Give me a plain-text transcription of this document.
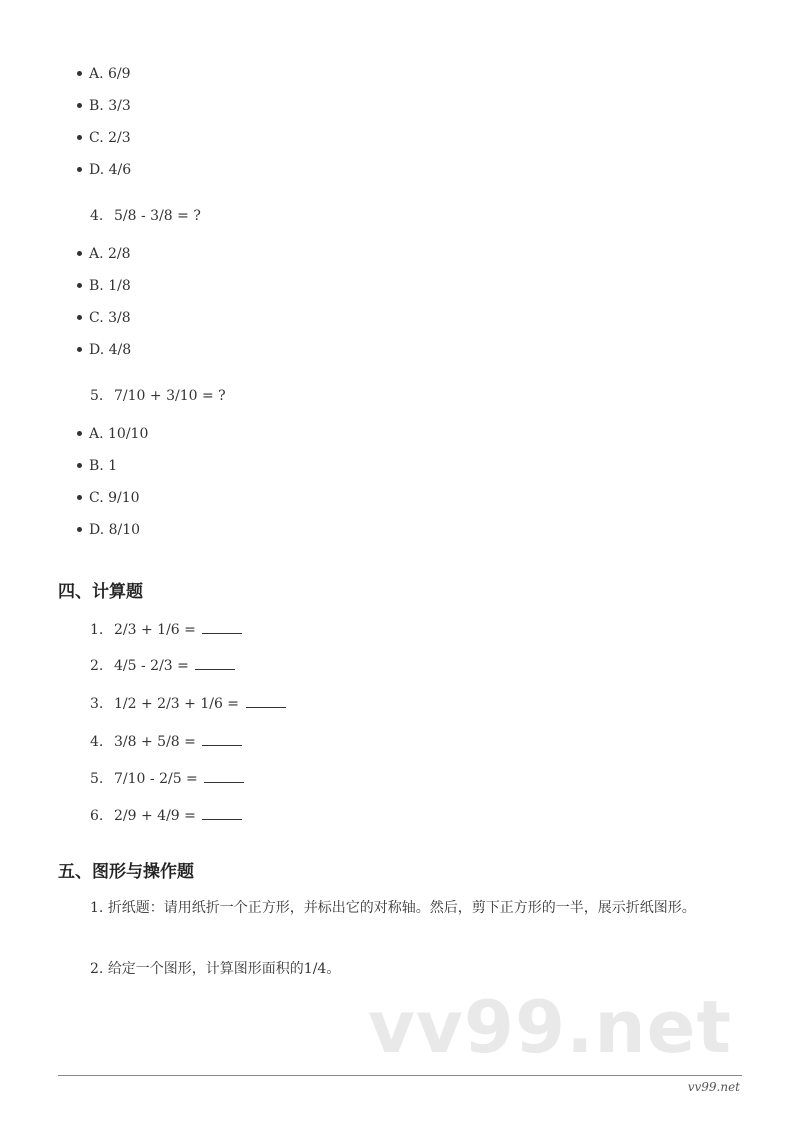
A. 6/9
B. 3/3
C. 2/3
D. 4/6
4. 5/8 - 3/8 = ?
A. 2/8
B. 1/8
C. 3/8
D. 4/8
5. 7/10 + 3/10 = ?
A. 10/10
B. 1
C. 9/10
D. 8/10
四、计算题
1. 2/3 + 1/6 =
2. 4/5 - 2/3 =
3. 1/2 + 2/3 + 1/6 =
4. 3/8 + 5/8 =
5. 7/10 - 2/5 =
6. 2/9 + 4/9 =
五、图形与操作题
1. 折纸题：请用纸折一个正方形，并标出它的对称轴。然后，剪下正方形的一半，展示折纸图形。
2. 给定一个图形，计算图形面积的1/4。
vv99.net
vv99.net
